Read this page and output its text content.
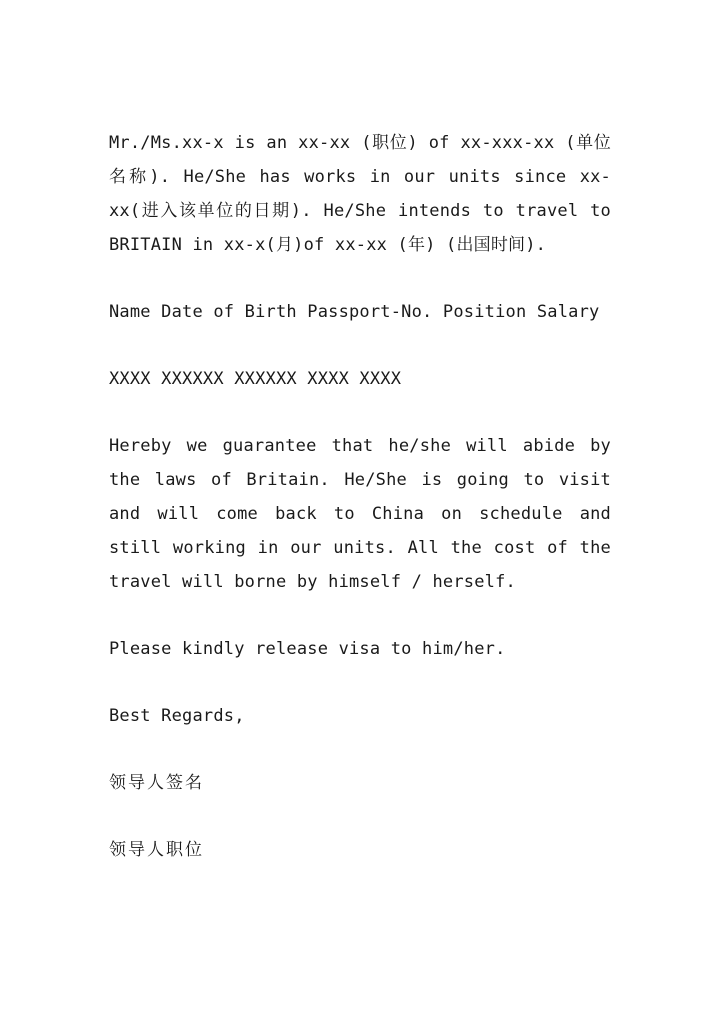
Mr./Ms.xx-x is an xx-xx (职位) of xx-xxx-xx (单位名称). He/She has works in our units since xx-xx(进入该单位的日期). He/She intends to travel to BRITAIN in xx-x(月)of xx-xx (年) (出国时间).

Name Date of Birth Passport-No. Position Salary

XXXX XXXXXX XXXXXX XXXX XXXX

Hereby we guarantee that he/she will abide by the laws of Britain. He/She is going to visit and will come back to China on schedule and still working in our units. All the cost of the travel will borne by himself / herself.

Please kindly release visa to him/her.

Best Regards,

领导人签名

领导人职位
